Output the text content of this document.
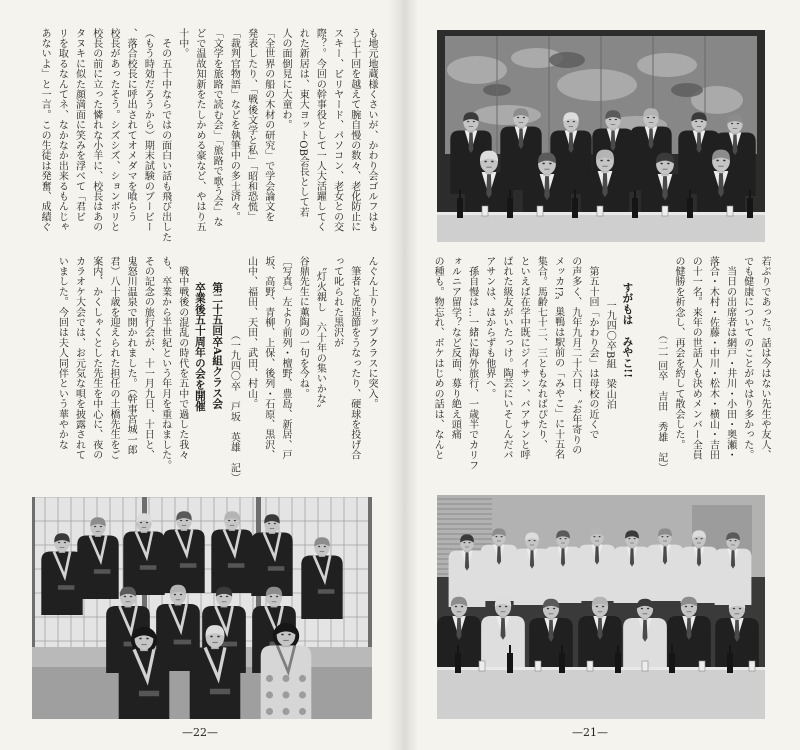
も地元地蔵様くさいが、かわり会ゴルフはも
う七十回を越えて腕自慢の数々、老化防止に
スキー、ビリヤード、パソコン、老女との交
際？。今回の幹事役として一人大活躍してく
れた新居は、東大ヨットOB会長として若
人の面倒見に大童わ。
「全世界の船の木材の研究」で学会論文を
発表したり、「戦後文学と私」「昭和恐慌」
「裁判官物語」などを執筆中の多士済々。
「文学を旅路で読む会」「旅路で歌う会」な
どで温故知新をたしかめる豪など、やはり五
十中。
　その五十中ならではの面白い話も飛び出した
（もう時効だろうから）期末試験のブービー
、落合校長に呼出されてオメダマを喰らう
校長があったそう。シズシズ、ションボリと
校長の前に立った憐れな小羊に、校長はあの
タヌキに似た顔満面に笑みを浮べて「君ビ
リを取るなんてネ、なかなか出来るもんじゃ
あないよ」と一言。この生徒は発奮、成績ぐ
んぐん上りトップクラスに突入。
　筆者と虎造節をうなったり、硬球を投げ合
って叱られた黒沢が
　〝灯火親し　六十年の集いかな〟
谷鼎先生に薫陶の一句を今ね。
〔写真〕左より前列・檀野、豊島、新居、戸
坂、高野、青柳、上保、後列・石原、黒沢、
山中、福田、天田、武田、村山。
（一九四〇卒　戸坂　英雄　記）
第二十五回卒A組クラス会
卒業後五十周年の会を開催
　戦中戦後の混乱の時代を五中で過した我々
も、卒業から半世紀という年月を重ねました。
その記念の旅行会が、十一月九日、十日と、
鬼怒川温泉で開かれました。（幹事宮城一郎
君）八十歳を迎えられた担任の土橋先生をご
案内、かくしゃくとした先生を中心に、夜の
カラオケ大会では、お元気な唄を披露されて
いました。今回は夫人同伴という華やかな
—22—
若ぶりであった。話は今はない先生や友人、
でも健康についてのことがやはり多かった。
　当日の出席者は網戸・井川・小田・奥瀬・
落合・木村・佐藤・中川・松木・横山・吉田
の十一名。来年の世話人も決めメンバー全員
の健勝を祈念し、再会を約して散会した。
（二一回卒　吉田　秀雄　記）
すがもは　みやこ!!
一九四〇卒B組　梁山泊
　第五十回「かわり会」は母校の近くで
の声多く、九年九月二十六日、〝お年寄りの
メッカ!?〟巣鴨は駅前の「みやこ」に十五名
集合。馬齢七十二、三ともなればぴたり、
といえば在学中既にジイサン、バアサンと呼
ばれた級友がいたっけ。陶芸にいそしんだバ
アサンは、はからずも他界へ。
　孫自慢は…一緒に海外旅行、一歳半でカリフ
ォルニア留学？など反面、募り絶え頭痛
の種も。物忘れ、ボケはじめの話は、なんと
—21—
